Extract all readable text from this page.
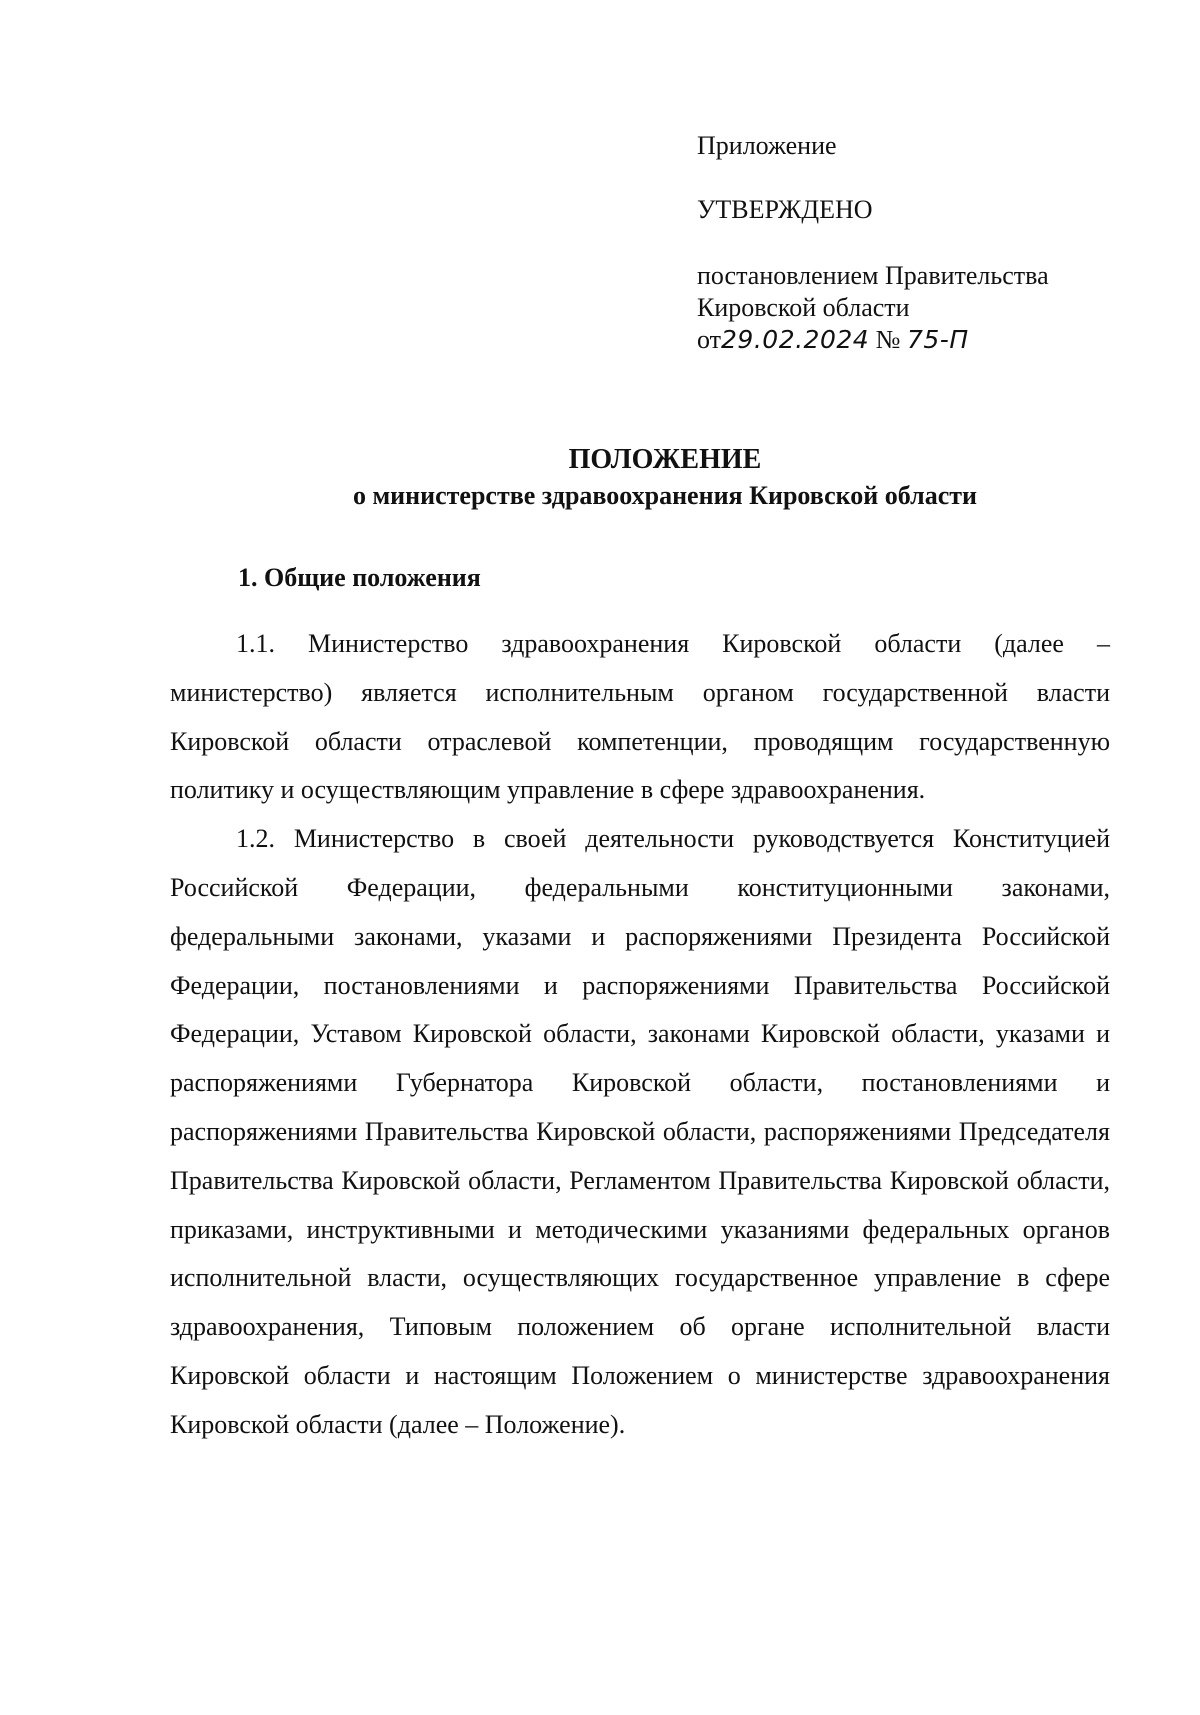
Приложение
УТВЕРЖДЕНО
постановлением Правительства
Кировской области
от29.02.2024 № 75-П
ПОЛОЖЕНИЕ
о министерстве здравоохранения Кировской области
1. Общие положения

1.1. Министерство здравоохранения Кировской области (далее – министерство) является исполнительным органом государственной власти Кировской области отраслевой компетенции, проводящим государственную политику и осуществляющим управление в сфере здравоохранения.

1.2. Министерство в своей деятельности руководствуется Конституцией Российской Федерации, федеральными конституционными законами, федеральными законами, указами и распоряжениями Президента Российской Федерации, постановлениями и распоряжениями Правительства Российской Федерации, Уставом Кировской области, законами Кировской области, указами и распоряжениями Губернатора Кировской области, постановлениями и распоряжениями Правительства Кировской области, распоряжениями Председателя Правительства Кировской области, Регламентом Правительства Кировской области, приказами, инструктивными и методическими указаниями федеральных органов исполнительной власти, осуществляющих государственное управление в сфере здравоохранения, Типовым положением об органе исполнительной власти Кировской области и настоящим Положением о министерстве здравоохранения Кировской области (далее – Положение).
